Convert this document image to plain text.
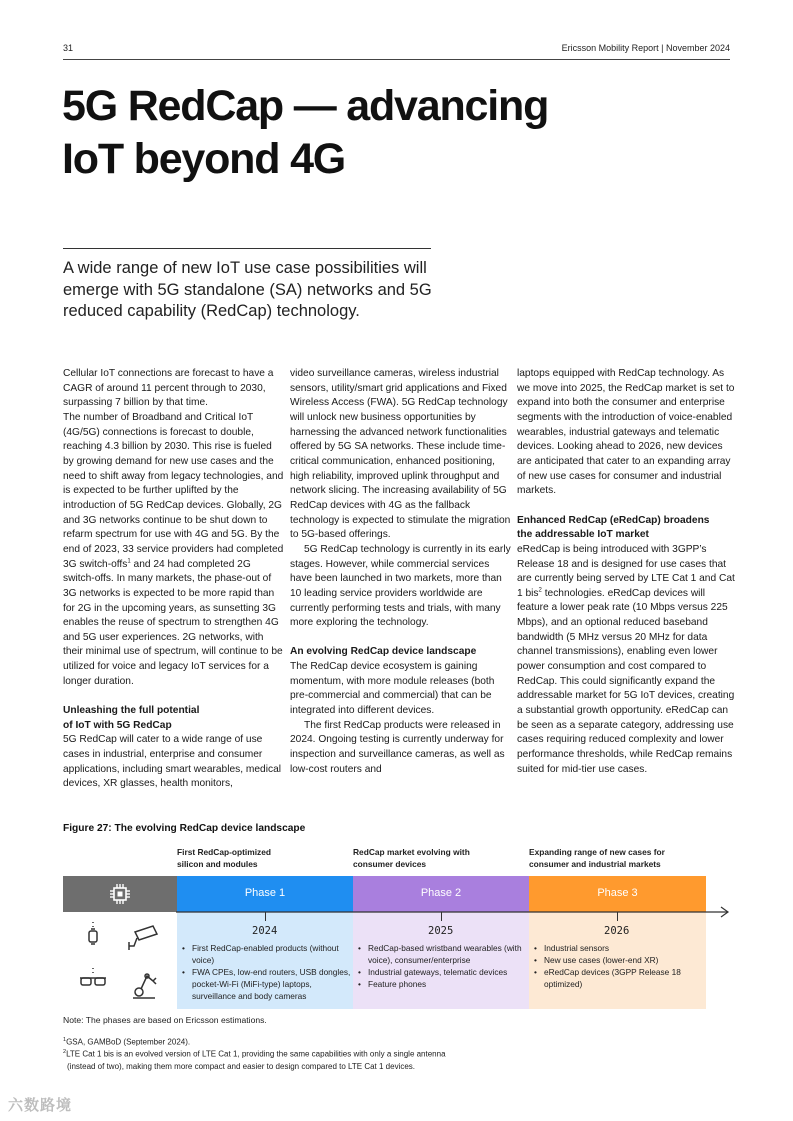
31	Ericsson Mobility Report | November 2024
5G RedCap — advancing
IoT beyond 4G
A wide range of new IoT use case possibilities will emerge with 5G standalone (SA) networks and 5G reduced capability (RedCap) technology.

Cellular IoT connections are forecast to have a CAGR of around 11 percent through to 2030, surpassing 7 billion by that time.

The number of Broadband and Critical IoT (4G/5G) connections is forecast to double, reaching 4.3 billion by 2030. This rise is fueled by growing demand for new use cases and the need to shift away from legacy technologies, and is expected to be further uplifted by the introduction of 5G RedCap devices. Globally, 2G and 3G networks continue to be shut down to refarm spectrum for use with 4G and 5G. By the end of 2023, 33 service providers had completed 3G switch-offs$^1$ and 24 had completed 2G switch-offs. In many markets, the phase-out of 3G networks is expected to be more rapid than for 2G in the upcoming years, as sunsetting 3G enables the reuse of spectrum to strengthen 4G and 5G user experiences. 2G networks, with their minimal use of spectrum, will continue to be utilized for voice and legacy IoT services for a longer duration.

Unleashing the full potential
of IoT with 5G RedCap

5G RedCap will cater to a wide range of use cases in industrial, enterprise and consumer applications, including smart wearables, medical devices, XR glasses, health monitors,

video surveillance cameras, wireless industrial sensors, utility/smart grid applications and Fixed Wireless Access (FWA). 5G RedCap technology will unlock new business opportunities by harnessing the advanced network functionalities offered by 5G SA networks. These include time-critical communication, enhanced positioning, high reliability, improved uplink throughput and network slicing. The increasing availability of 5G RedCap devices with 4G as the fallback technology is expected to stimulate the migration to 5G-based offerings.

5G RedCap technology is currently in its early stages. However, while commercial services have been launched in two markets, more than 10 leading service providers worldwide are currently performing tests and trials, with many more exploring the technology.

An evolving RedCap device landscape

The RedCap device ecosystem is gaining momentum, with more module releases (both pre-commercial and commercial) that can be integrated into different devices.

The first RedCap products were released in 2024. Ongoing testing is currently underway for inspection and surveillance cameras, as well as low-cost routers and

laptops equipped with RedCap technology. As we move into 2025, the RedCap market is set to expand into both the consumer and enterprise segments with the introduction of voice-enabled wearables, industrial gateways and telematic devices. Looking ahead to 2026, new devices are anticipated that cater to an expanding array of new use cases for consumer and industrial markets.

Enhanced RedCap (eRedCap) broadens
the addressable IoT market

eRedCap is being introduced with 3GPP’s Release 18 and is designed for use cases that are currently being served by LTE Cat 1 and Cat 1 bis$^2$ technologies. eRedCap devices will feature a lower peak rate (10 Mbps versus 225 Mbps), and an optional reduced baseband bandwidth (5 MHz versus 20 MHz for data channel transmissions), enabling even lower power consumption and cost compared to RedCap. This could significantly expand the addressable market for 5G IoT devices, creating a substantial growth opportunity. eRedCap can be seen as a separate category, addressing use cases requiring reduced complexity and lower performance thresholds, while RedCap remains suited for mid-tier use cases.

Figure 27: The evolving RedCap device landscape
First RedCap-optimized
silicon and modules
RedCap market evolving with
consumer devices
Expanding range of new cases for
consumer and industrial markets
Phase 1	Phase 2	Phase 3
2024	2025	2026
• First RedCap-enabled products (without voice)
• FWA CPEs, low-end routers, USB dongles, pocket-Wi-Fi (MiFi-type) laptops, surveillance and body cameras
• RedCap-based wristband wearables (with voice), consumer/enterprise
• Industrial gateways, telematic devices
• Feature phones
• Industrial sensors
• New use cases (lower-end XR)
• eRedCap devices (3GPP Release 18 optimized)
Note: The phases are based on Ericsson estimations.
$^1$GSA, GAMBoD (September 2024).
$^2$LTE Cat 1 bis is an evolved version of LTE Cat 1, providing the same capabilities with only a single antenna
(instead of two), making them more compact and easier to design compared to LTE Cat 1 devices.
六数路境
